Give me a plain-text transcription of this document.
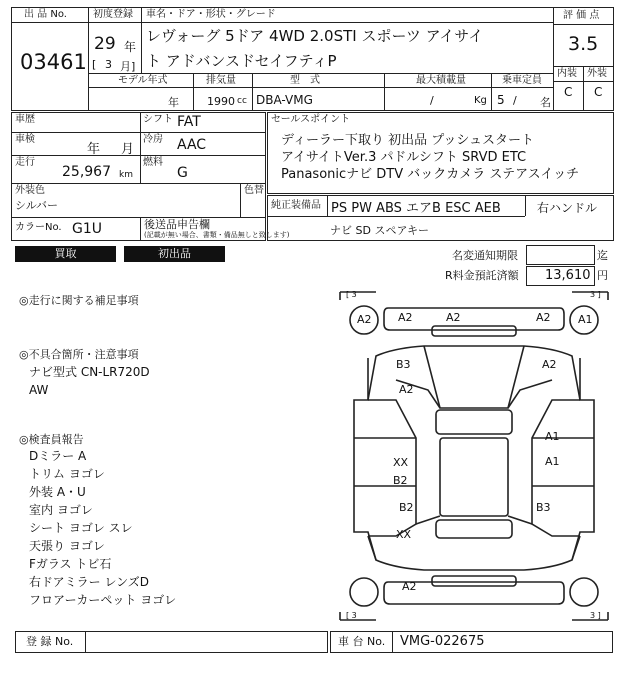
出 品 No.
03461
初度登録
29 年
[ 3 月]
車名・ドア・形状・グレード
レヴォーグ 5ドア 4WD 2.0STI スポーツ アイサイ
ト アドバンスドセイフティP
評 価 点
3.5
内装 外装
C C
モデル年式
年
排気量
1990 cc
型　式
DBA-VMG
最大積載量
/	Kg
乗車定員
5 / 名
車歴	シフト FAT
車検
年 月
冷房 AAC
走行
25,967 km
燃料
G
外装色
シルバー
色替
カラーNo. G1U	後送品申告欄
(記載が無い場合、書類・備品無しと致します)
セールスポイント
ディーラー下取り 初出品 プッシュスタート
アイサイトVer.3 パドルシフト SRVD ETC
Panasonicナビ DTV バックカメラ ステアスイッチ
純正装備品 PS PW ABS エアB ESC AEB	右ハンドル
ナビ SD スペアキー
買取	初出品	名変通知期限	迄
R料金預託済額 13,610 円
◎走行に関する補足事項
◎不具合箇所・注意事項
ナビ型式 CN-LR720D
AW
◎検査員報告
Dミラー A
トリム ヨゴレ
外装 A・U
室内 ヨゴレ
シート ヨゴレ スレ
天張り ヨゴレ
Fガラス トビ石
右ドアミラー レンズD
フロアーカーペット ヨゴレ
[ 3	3 ]
[ 3	3 ]
A2	A1
A2	A2	A2
B3
A2
A2
A1
A1
XX
B2
B2
XX
B3
A2
登 録 No.	車 台 No. VMG-022675
